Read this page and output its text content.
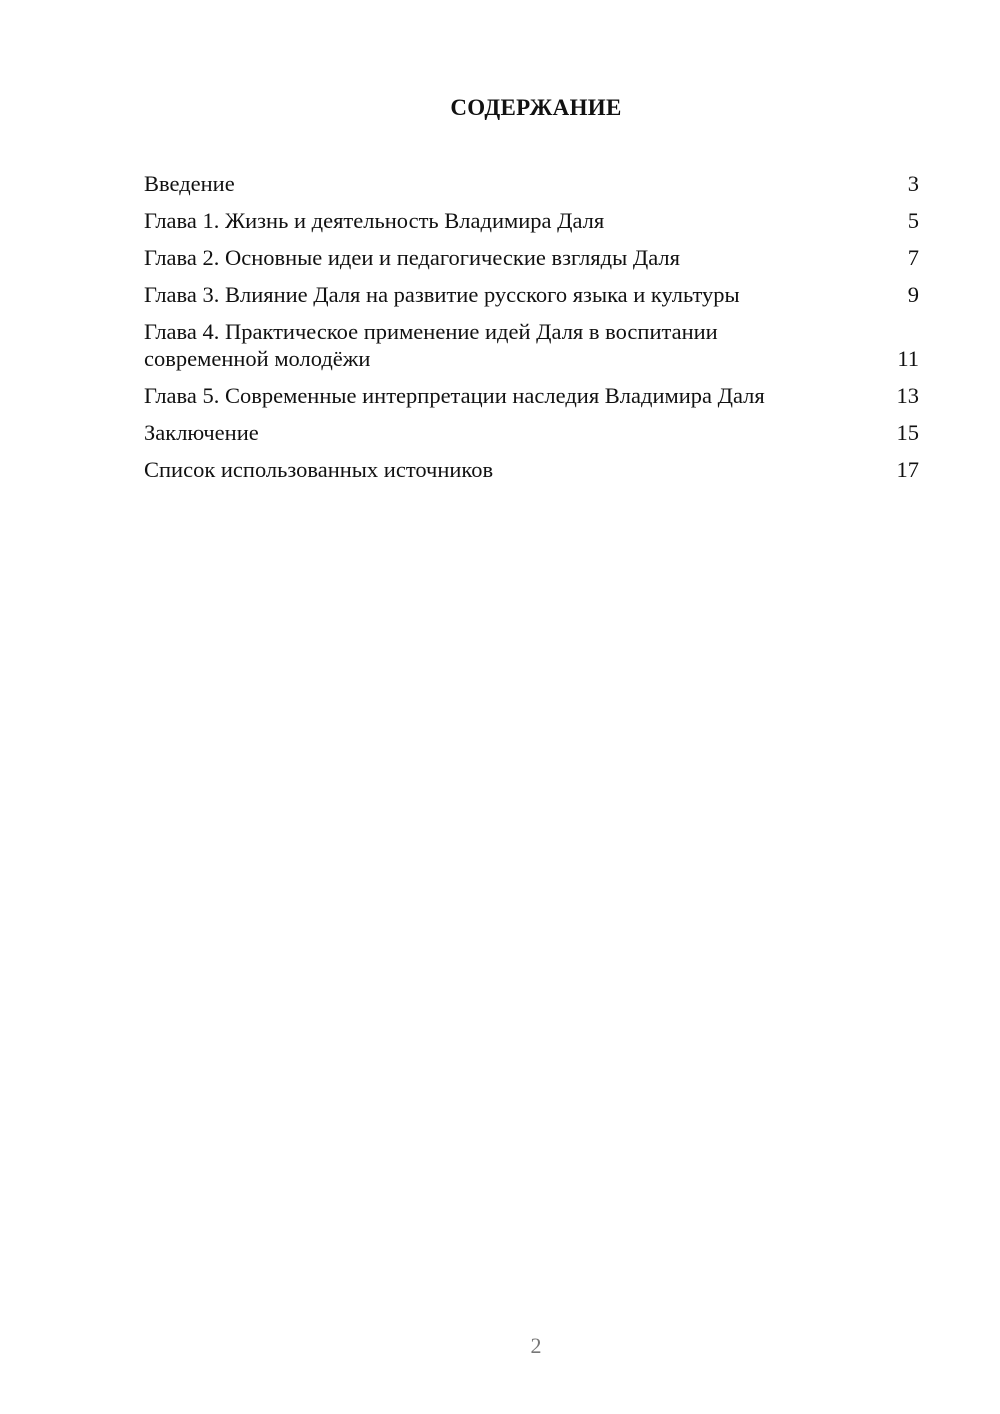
СОДЕРЖАНИЕ
Введение	3
Глава 1. Жизнь и деятельность Владимира Даля	5
Глава 2. Основные идеи и педагогические взгляды Даля	7
Глава 3. Влияние Даля на развитие русского языка и культуры	9
Глава 4. Практическое применение идей Даля в воспитании современной молодёжи	11
Глава 5. Современные интерпретации наследия Владимира Даля	13
Заключение	15
Список использованных источников	17
2
